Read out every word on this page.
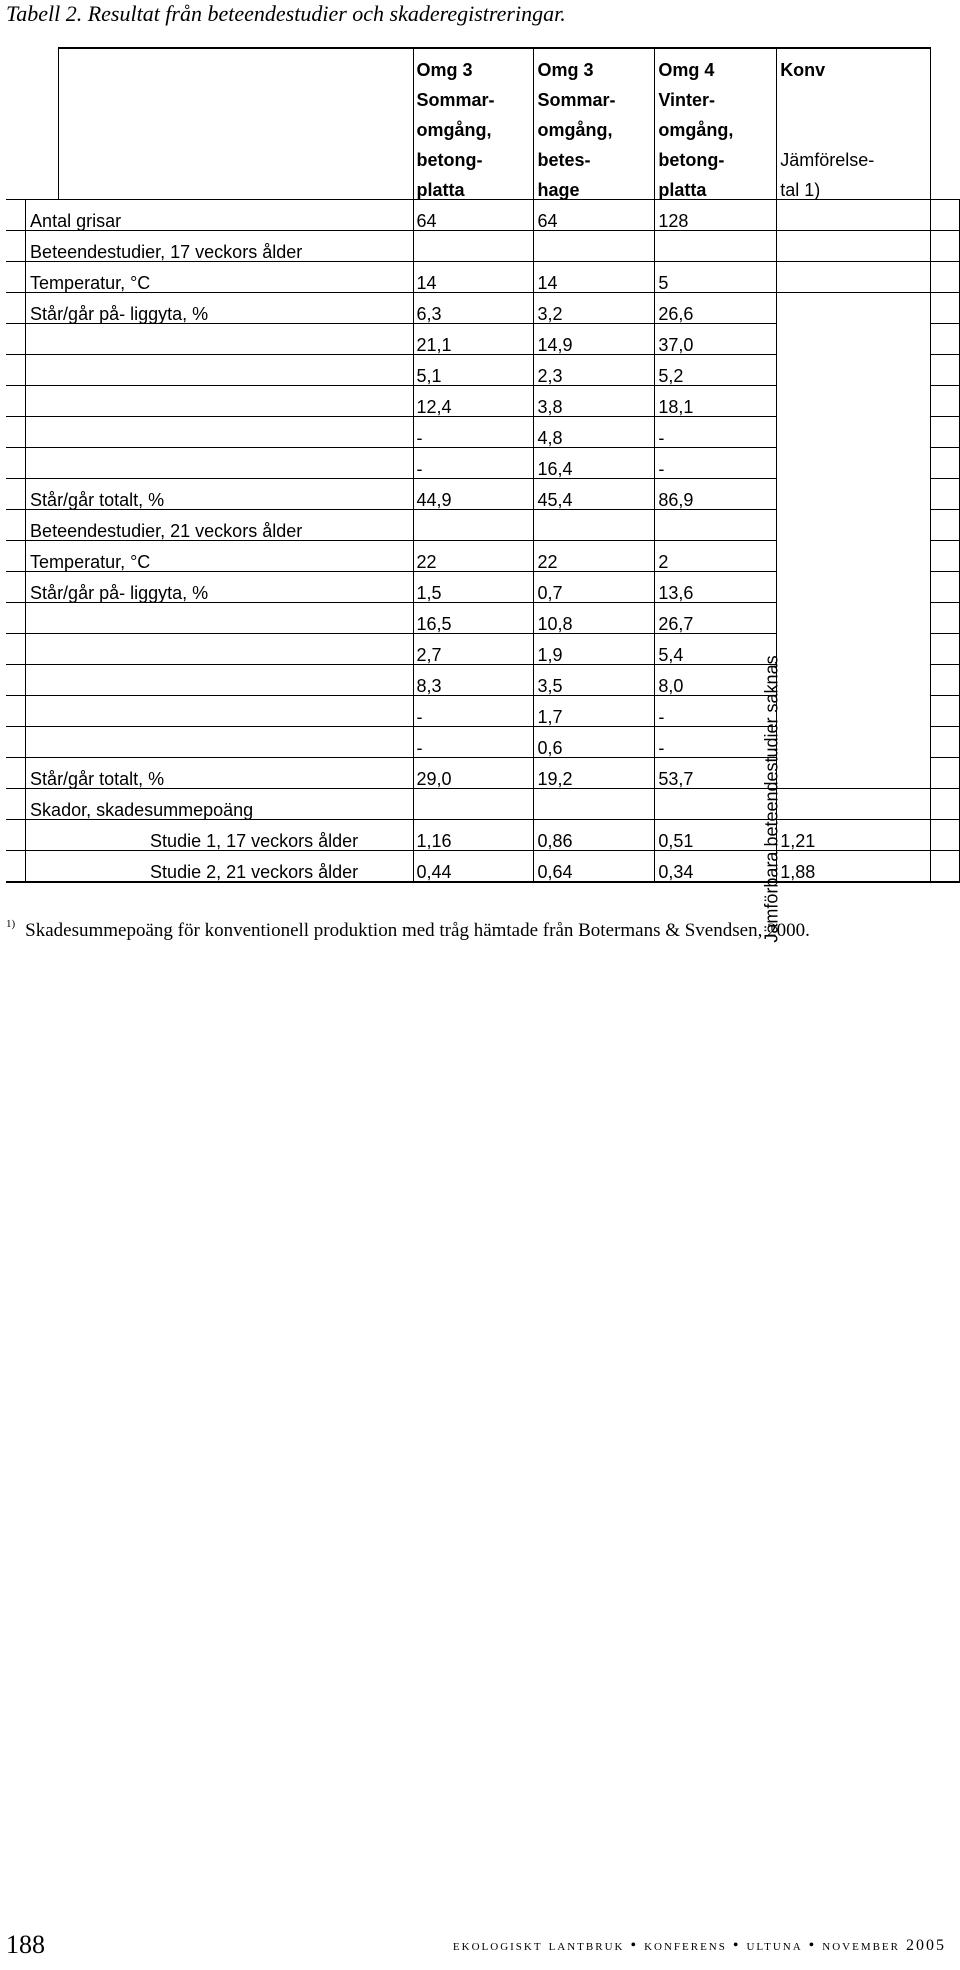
Tabell 2. Resultat från beteendestudier och skaderegistreringar.
			Omg 3	Omg 3	Omg 4	Konv	
			Sommar-	Sommar-	Vinter-		
			omgång,	omgång,	omgång,		
			betong-	betes-	betong-	Jämförelse-	
			platta	hage	platta	tal 1)	
	Antal grisar		64	64	128		
	Beteendestudier, 17 veckors ålder						
	Temperatur, °C		14	14	5		
	Står/går på- liggyta, %		6,3	3,2	26,6		
			21,1	14,9	37,0		
			5,1	2,3	5,2		
			12,4	3,8	18,1		
			-	4,8	-		
			-	16,4	-		
	Står/går totalt, %		44,9	45,4	86,9		
	Beteendestudier, 21 veckors ålder						
	Temperatur, °C		22	22	2		
	Står/går på- liggyta, %		1,5	0,7	13,6		
			16,5	10,8	26,7		
			2,7	1,9	5,4		
			8,3	3,5	8,0		
			-	1,7	-		
			-	0,6	-		
	Står/går totalt, %		29,0	19,2	53,7		
	Skador, skadesummepoäng						
	Studie 1, 17 veckors ålder		1,16	0,86	0,51	1,21	
	Studie 2, 21 veckors ålder		0,44	0,64	0,34	1,88	
Jämförbara beteendestudier saknas
$^{1)}$ Skadesummepoäng för konventionell produktion med tråg hämtade från Botermans & Svendsen, 2000.
188	ekologiskt lantbruk • konferens • ultuna • november 2005
